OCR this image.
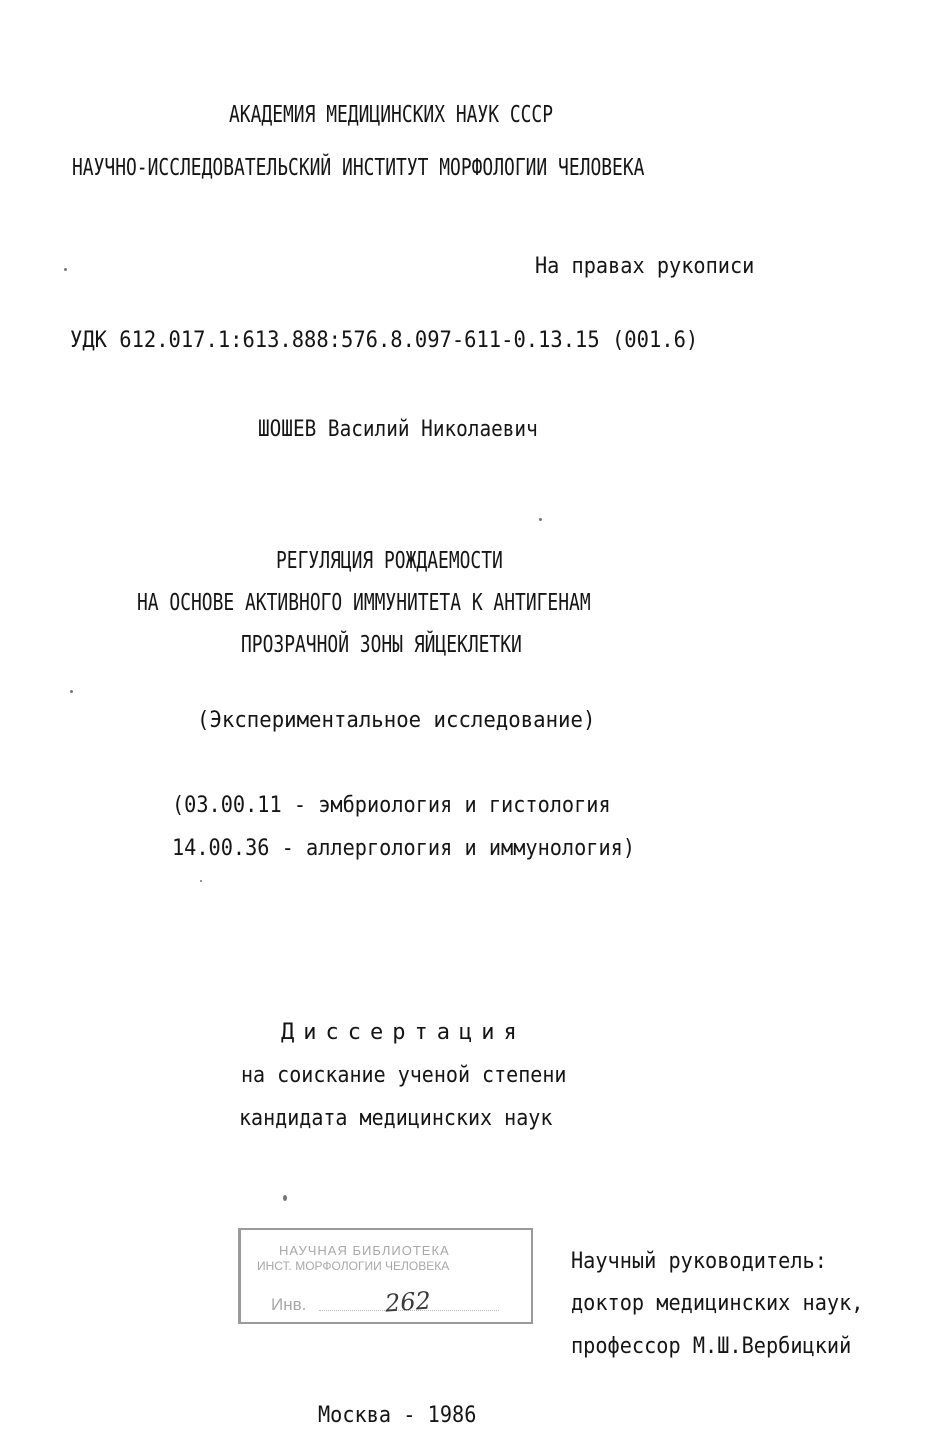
АКАДЕМИЯ МЕДИЦИНСКИХ НАУК СССР
НАУЧНО-ИССЛЕДОВАТЕЛЬСКИЙ ИНСТИТУТ МОРФОЛОГИИ ЧЕЛОВЕКА
На правах рукописи
УДК 612.017.1:613.888:576.8.097-611-0.13.15 (001.6)
ШОШЕВ Василий Николаевич
РЕГУЛЯЦИЯ РОЖДАЕМОСТИ
НА ОСНОВЕ АКТИВНОГО ИММУНИТЕТА К АНТИГЕНАМ
ПРОЗРАЧНОЙ ЗОНЫ ЯЙЦЕКЛЕТКИ
(Экспериментальное исследование)
(03.00.11 - эмбриология и гистология
14.00.36 - аллергология и иммунология)
Диссертация
на соискание ученой степени
кандидата медицинских наук
НАУЧНАЯ БИБЛИОТЕКА
ИНСТ. МОРФОЛОГИИ ЧЕЛОВЕКА
Инв.	262
Научный руководитель:
доктор медицинских наук,
профессор М.Ш.Вербицкий
Москва - 1986
